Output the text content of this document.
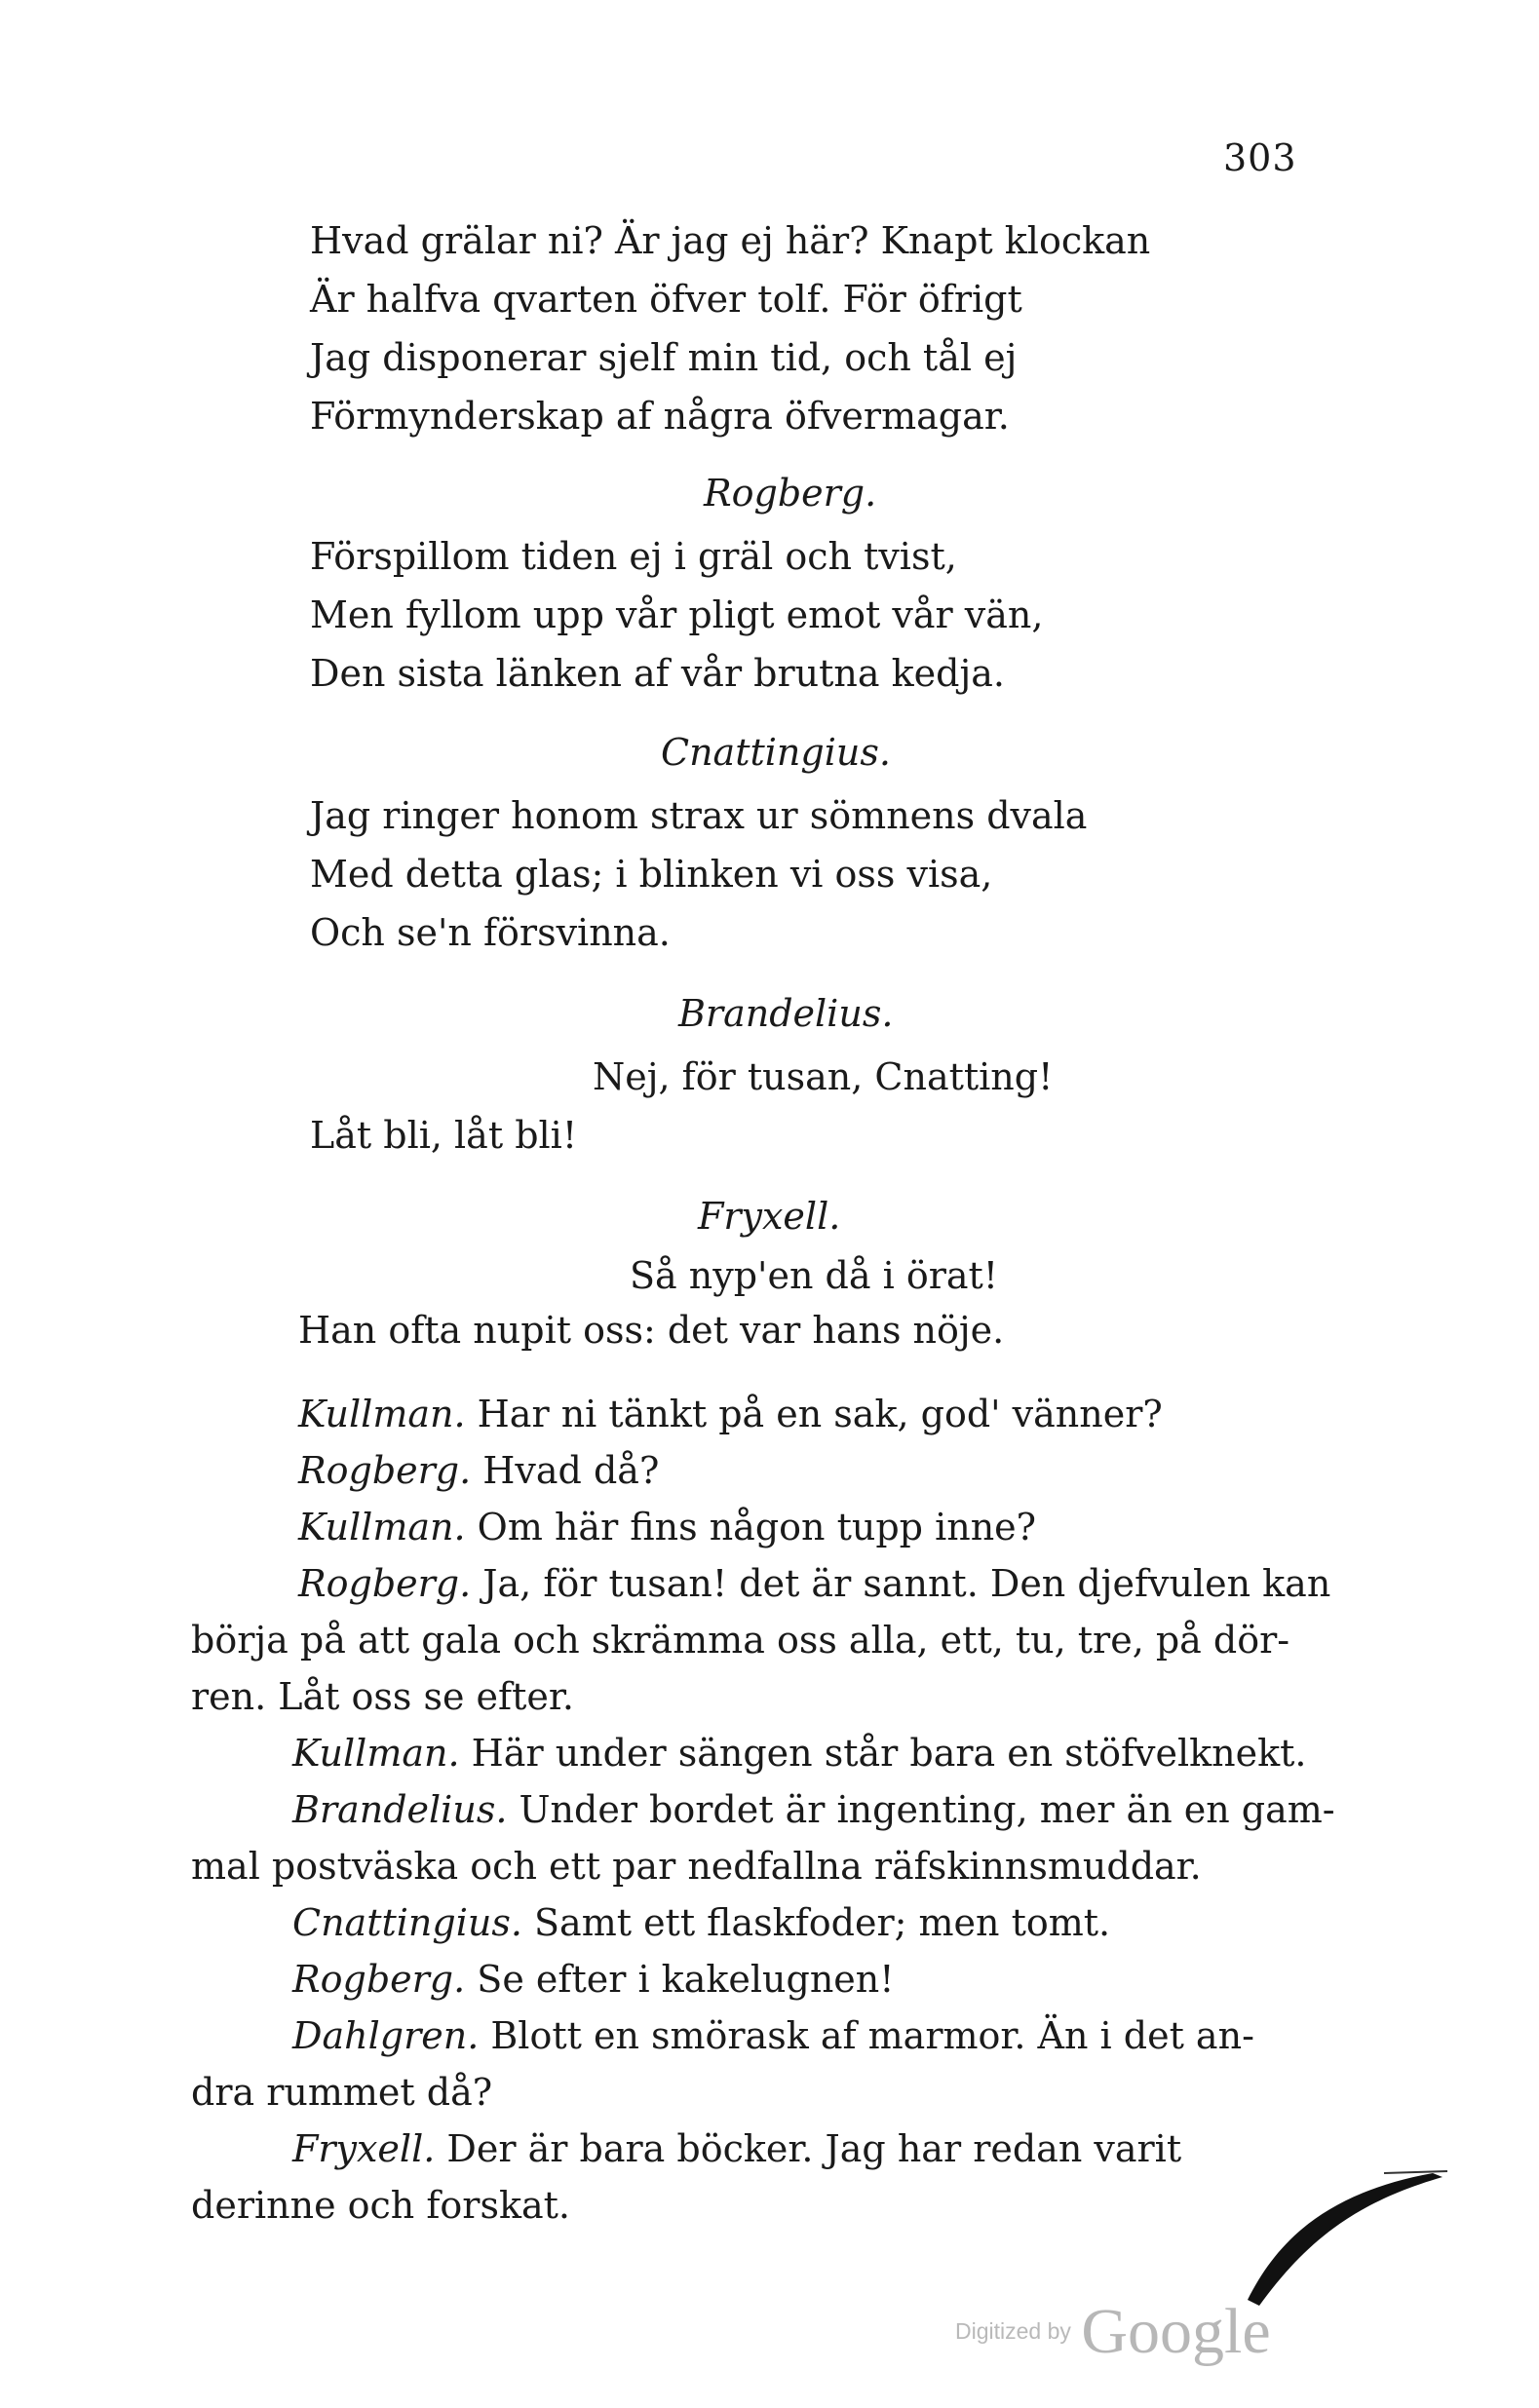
303
Hvad grälar ni? Är jag ej här? Knapt klockan
Är halfva qvarten öfver tolf. För öfrigt
Jag disponerar sjelf min tid, och tål ej
Förmynderskap af några öfvermagar.
Rogberg.
Förspillom tiden ej i gräl och tvist,
Men fyllom upp vår pligt emot vår vän,
Den sista länken af vår brutna kedja.
Cnattingius.
Jag ringer honom strax ur sömnens dvala
Med detta glas; i blinken vi oss visa,
Och se'n försvinna.
Brandelius.
Nej, för tusan, Cnatting!
Låt bli, låt bli!
Fryxell.
Så nyp'en då i örat!
Han ofta nupit oss: det var hans nöje.
Kullman. Har ni tänkt på en sak, god' vänner?
Rogberg. Hvad då?
Kullman. Om här fins någon tupp inne?
Rogberg. Ja, för tusan! det är sannt. Den djefvulen kan
börja på att gala och skrämma oss alla, ett, tu, tre, på dör-
ren. Låt oss se efter.
Kullman. Här under sängen står bara en stöfvelknekt.
Brandelius. Under bordet är ingenting, mer än en gam-
mal postväska och ett par nedfallna räfskinnsmuddar.
Cnattingius. Samt ett flaskfoder; men tomt.
Rogberg. Se efter i kakelugnen!
Dahlgren. Blott en smörask af marmor. Än i det an-
dra rummet då?
Fryxell. Der är bara böcker. Jag har redan varit
derinne och forskat.
Digitized by Google
